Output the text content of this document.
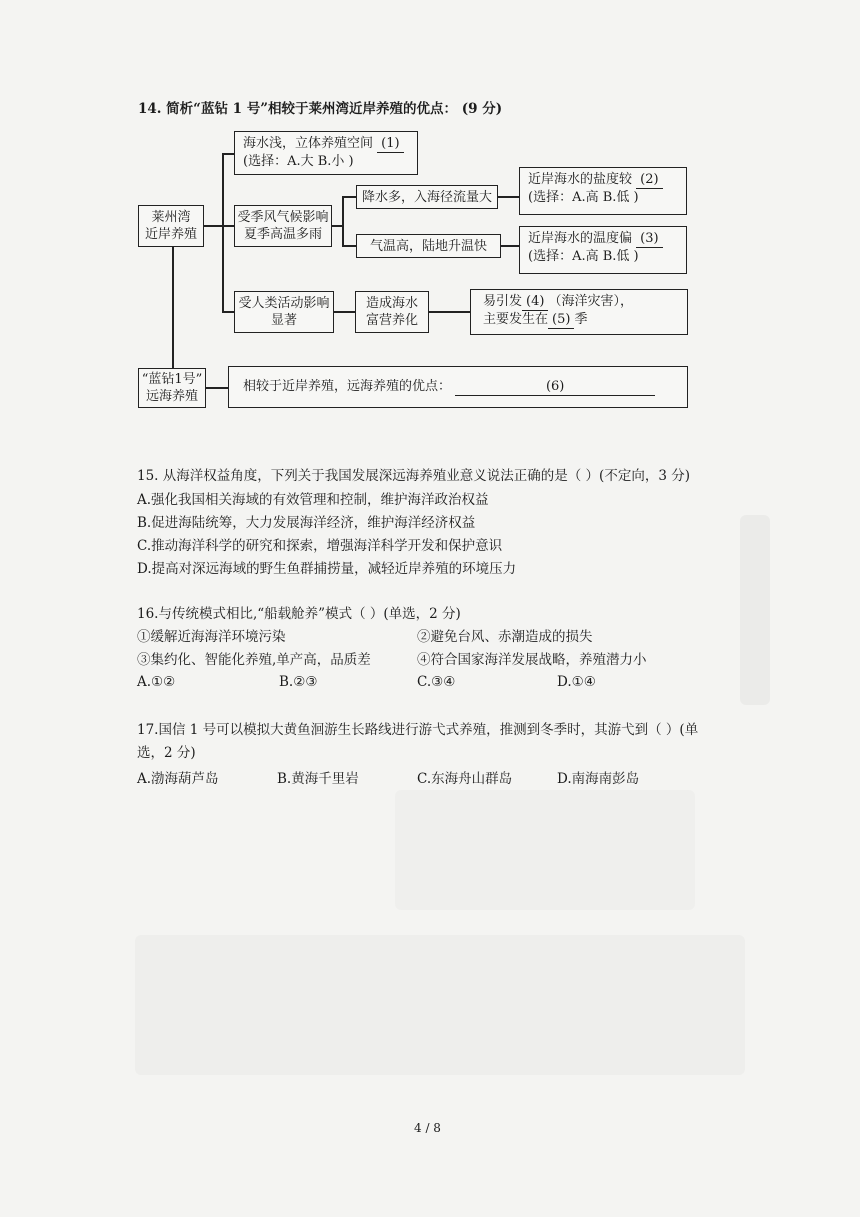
14. 简析“蓝钻 1 号”相较于莱州湾近岸养殖的优点： (9 分)
莱州湾
近岸养殖
海水浅，立体养殖空间 (1)
(选择：A.大 B.小 )
受季风气候影响
夏季高温多雨
降水多，入海径流量大
近岸海水的盐度较 (2)
(选择：A.高 B.低 )
气温高，陆地升温快	近岸海水的温度偏 (3)
(选择：A.高 B.低 )
受人类活动影响
显著
造成海水
富营养化
易引发 (4) （海洋灾害），
主要发生在 (5) 季
“蓝钻1号”
远海养殖
相较于近岸养殖，远海养殖的优点：	(6)
15. 从海洋权益角度，下列关于我国发展深远海养殖业意义说法正确的是（ ）(不定向，3 分)
A.强化我国相关海域的有效管理和控制，维护海洋政治权益
B.促进海陆统筹，大力发展海洋经济，维护海洋经济权益
C.推动海洋科学的研究和探索，增强海洋科学开发和保护意识
D.提高对深远海域的野生鱼群捕捞量，减轻近岸养殖的环境压力
16.与传统模式相比,“船载舱养”模式（ ）(单选，2 分)
①缓解近海海洋环境污染	②避免台风、赤潮造成的损失
③集约化、智能化养殖,单产高，品质差	④符合国家海洋发展战略，养殖潜力小
A.①②	B.②③	C.③④	D.①④
17.国信 1 号可以模拟大黄鱼洄游生长路线进行游弋式养殖，推测到冬季时，其游弋到（ ）(单
选，2 分)
A.渤海葫芦岛	B.黄海千里岩	C.东海舟山群岛	D.南海南彭岛
4 / 8
